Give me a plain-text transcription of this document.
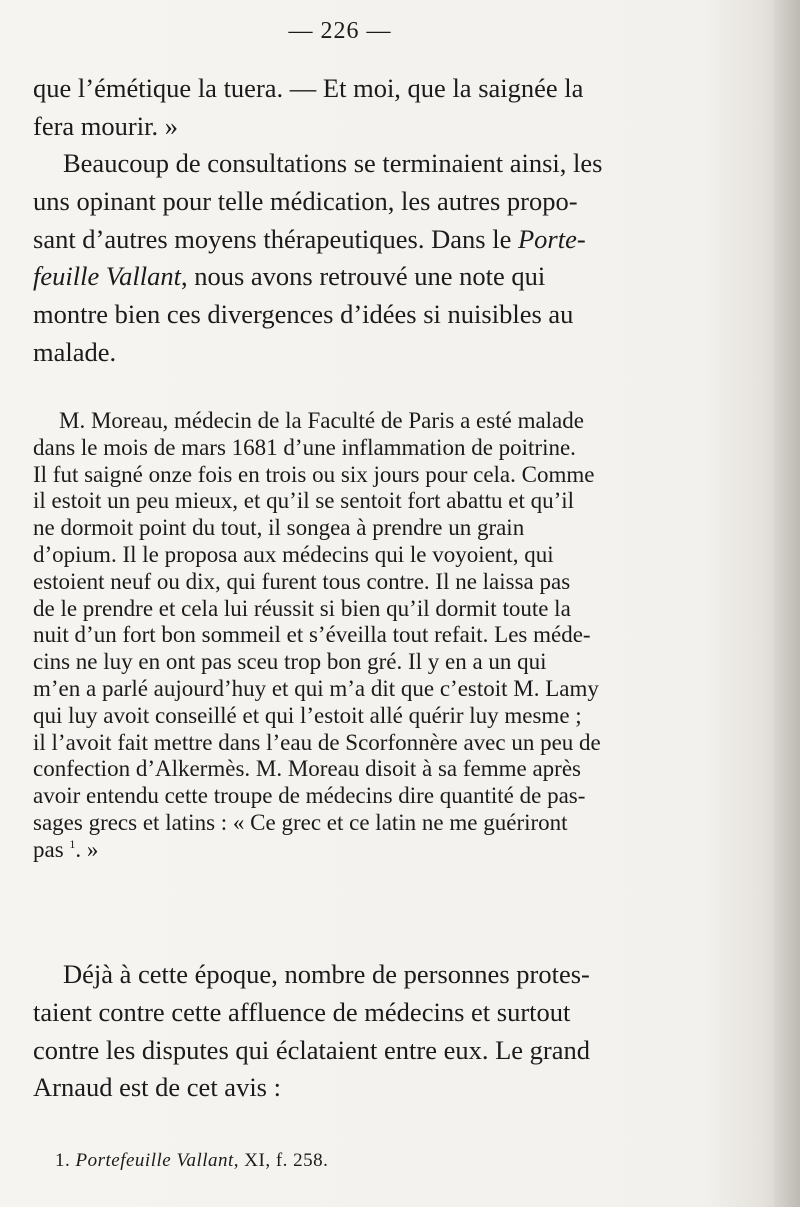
— 226 —

que l’émétique la tuera. — Et moi, que la saignée la
fera mourir. »

Beaucoup de consultations se terminaient ainsi, les
uns opinant pour telle médication, les autres propo-
sant d’autres moyens thérapeutiques. Dans le Porte-
feuille Vallant, nous avons retrouvé une note qui
montre bien ces divergences d’idées si nuisibles au
malade.

M. Moreau, médecin de la Faculté de Paris a esté malade
dans le mois de mars 1681 d’une inflammation de poitrine.
Il fut saigné onze fois en trois ou six jours pour cela. Comme
il estoit un peu mieux, et qu’il se sentoit fort abattu et qu’il
ne dormoit point du tout, il songea à prendre un grain
d’opium. Il le proposa aux médecins qui le voyoient, qui
estoient neuf ou dix, qui furent tous contre. Il ne laissa pas
de le prendre et cela lui réussit si bien qu’il dormit toute la
nuit d’un fort bon sommeil et s’éveilla tout refait. Les méde-
cins ne luy en ont pas sceu trop bon gré. Il y en a un qui
m’en a parlé aujourd’huy et qui m’a dit que c’estoit M. Lamy
qui luy avoit conseillé et qui l’estoit allé quérir luy mesme ;
il l’avoit fait mettre dans l’eau de Scorfonnère avec un peu de
confection d’Alkermès. M. Moreau disoit à sa femme après
avoir entendu cette troupe de médecins dire quantité de pas-
sages grecs et latins : « Ce grec et ce latin ne me guériront
pas $^1$. »

Déjà à cette époque, nombre de personnes protes-
taient contre cette affluence de médecins et surtout
contre les disputes qui éclataient entre eux. Le grand
Arnaud est de cet avis :

1. Portefeuille Vallant, XI, f. 258.
